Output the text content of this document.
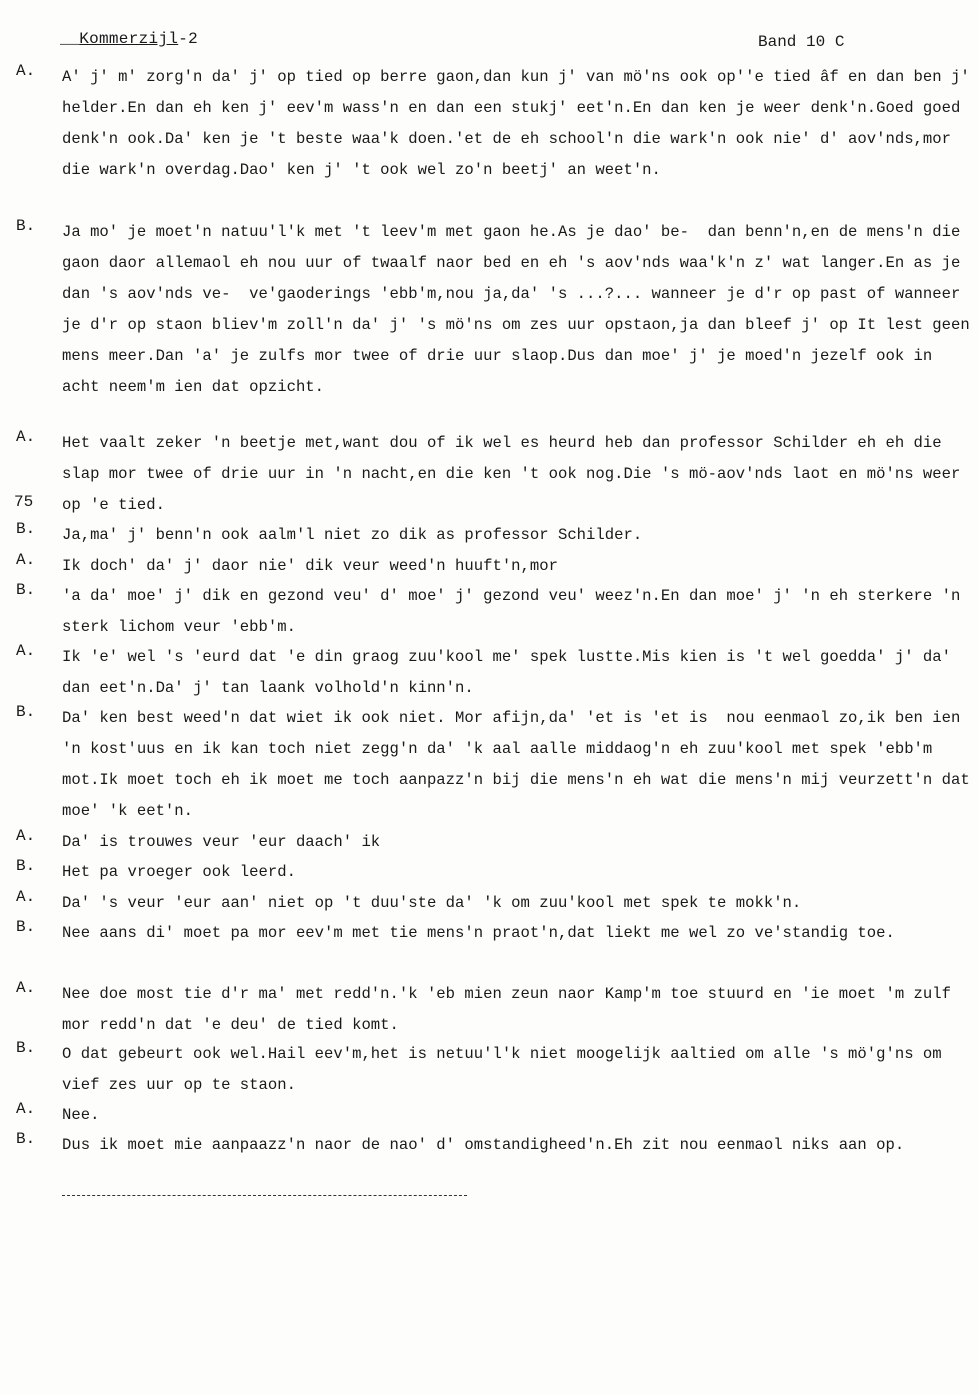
__Kommerzijl-2	Band 10 C
A.	A' j' m' zorg'n da' j' op tied op berre gaon,dan kun j' van mö'ns ook op''e tied âf en dan ben j' helder.En dan eh ken j' eev'm wass'n en dan een stukj' eet'n.En dan ken je weer denk'n.Goed goed denk'n ook.Da' ken je 't beste waa'k doen.'et de eh school'n die wark'n ook nie' d' aov'nds,mor die wark'n overdag.Dao' ken j' 't ook wel zo'n beetj' an weet'n.
B.	Ja mo' je moet'n natuu'l'k met 't leev'm met gaon he.As je dao' be-  dan benn'n,en de mens'n die gaon daor allemaol eh nou uur of twaalf naor bed en eh 's aov'nds waa'k'n z' wat langer.En as je dan 's aov'nds ve-  ve'gaoderings 'ebb'm,nou ja,da' 's ...?... wanneer je d'r op past of wanneer je d'r op staon bliev'm zoll'n da' j' 's mö'ns om zes uur opstaon,ja dan bleef j' op It lest geen mens meer.Dan 'a' je zulfs mor twee of drie uur slaop.Dus dan moe' j' je moed'n jezelf ook in acht neem'm ien dat opzicht.
A.	Het vaalt zeker 'n beetje met,want dou of ik wel es heurd heb dan professor Schilder eh eh die slap mor twee of drie uur in 'n nacht,en die ken 't ook nog.Die 's mö-aov'nds laot en mö'ns weer op 'e tied.
75
B.	Ja,ma' j' benn'n ook aalm'l niet zo dik as professor Schilder.
A.	Ik doch' da' j' daor nie' dik veur weed'n huuft'n,mor
B.	'a da' moe' j' dik en gezond veu' d' moe' j' gezond veu' weez'n.En dan moe' j' 'n eh sterkere 'n sterk lichom veur 'ebb'm.
A.	Ik 'e' wel 's 'eurd dat 'e din graog zuu'kool me' spek lustte.Mis kien is 't wel goedda' j' da' dan eet'n.Da' j' tan laank volhold'n kinn'n.
B.	Da' ken best weed'n dat wiet ik ook niet. Mor afijn,da' 'et is 'et is  nou eenmaol zo,ik ben ien 'n kost'uus en ik kan toch niet zegg'n da' 'k aal aalle middaog'n eh zuu'kool met spek 'ebb'm mot.Ik moet toch eh ik moet me toch aanpazz'n bij die mens'n eh wat die mens'n mij veurzett'n dat moe' 'k eet'n.
A.	Da' is trouwes veur 'eur daach' ik
B.	Het pa vroeger ook leerd.
A.	Da' 's veur 'eur aan' niet op 't duu'ste da' 'k om zuu'kool met spek te mokk'n.
B.	Nee aans di' moet pa mor eev'm met tie mens'n praot'n,dat liekt me wel zo ve'standig toe.
A.	Nee doe most tie d'r ma' met redd'n.'k 'eb mien zeun naor Kamp'm toe stuurd en 'ie moet 'm zulf mor redd'n dat 'e deu' de tied komt.
B.	O dat gebeurt ook wel.Hail eev'm,het is netuu'l'k niet moogelijk aaltied om alle 's mö'g'ns om vief zes uur op te staon.
A.	Nee.
B.	Dus ik moet mie aanpaazz'n naor de nao' d' omstandigheed'n.Eh zit nou eenmaol niks aan op.
